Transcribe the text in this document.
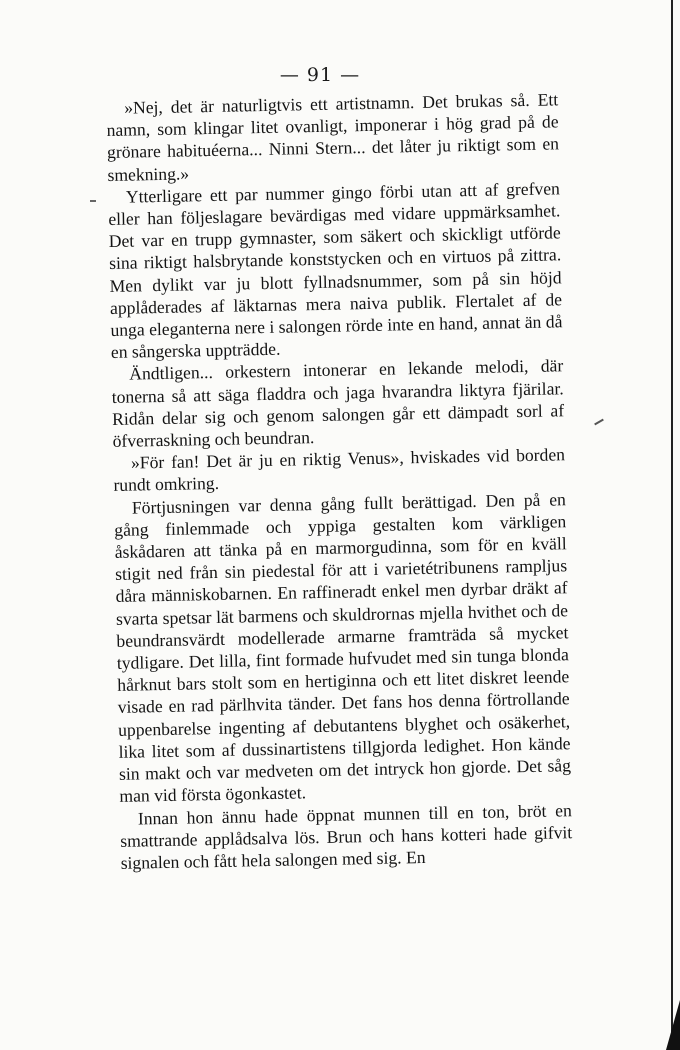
— 91 —

»Nej, det är naturligtvis ett artistnamn. Det brukas så. Ett namn, som klingar litet ovanligt, imponerar i hög grad på de grönare habituéerna... Ninni Stern... det låter ju riktigt som en smekning.»

Ytterligare ett par nummer gingo förbi utan att af grefven eller han följeslagare bevärdigas med vidare uppmärksamhet. Det var en trupp gymnaster, som säkert och skickligt utförde sina riktigt halsbrytande konststycken och en virtuos på zittra. Men dylikt var ju blott fyllnadsnummer, som på sin höjd applåderades af läktarnas mera naiva publik. Flertalet af de unga eleganterna nere i salongen rörde inte en hand, annat än då en sångerska uppträdde.

Ändtligen... orkestern intonerar en lekande melodi, där tonerna så att säga fladdra och jaga hvarandra liktyra fjärilar. Ridån delar sig och genom salongen går ett dämpadt sorl af öfverraskning och beundran.

»För fan! Det är ju en riktig Venus», hviskades vid borden rundt omkring.

Förtjusningen var denna gång fullt berättigad. Den på en gång finlemmade och yppiga gestalten kom värkligen åskådaren att tänka på en marmorgudinna, som för en kväll stigit ned från sin piedestal för att i varietétribunens rampljus dåra människobarnen. En raffineradt enkel men dyrbar dräkt af svarta spetsar lät barmens och skuldrornas mjella hvithet och de beundransvärdt modellerade armarne framträda så mycket tydligare. Det lilla, fint formade hufvudet med sin tunga blonda hårknut bars stolt som en hertiginna och ett litet diskret leende visade en rad pärlhvita tänder. Det fans hos denna förtrollande uppenbarelse ingenting af debutantens blyghet och osäkerhet, lika litet som af dussinartistens tillgjorda ledighet. Hon kände sin makt och var medveten om det intryck hon gjorde. Det såg man vid första ögonkastet.

Innan hon ännu hade öppnat munnen till en ton, bröt en smattrande applådsalva lös. Brun och hans kotteri hade gifvit signalen och fått hela salongen med sig. En
